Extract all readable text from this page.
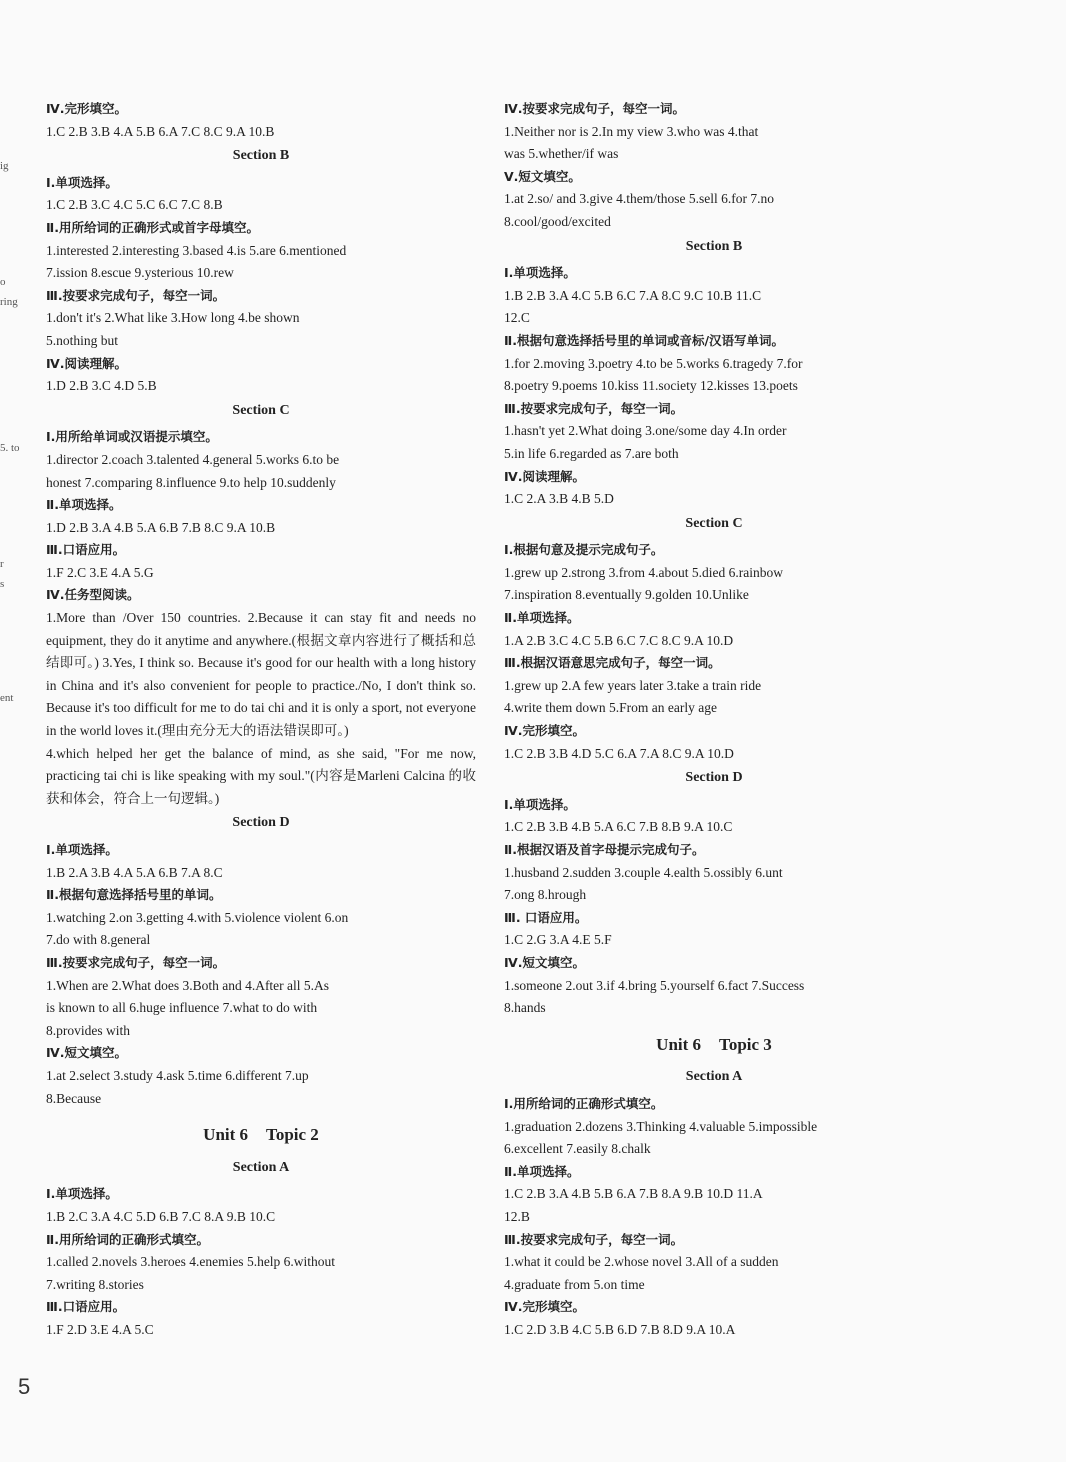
Ⅳ.完形填空。
1.C 2.B 3.B 4.A 5.B 6.A 7.C 8.C 9.A 10.B
Section B
Ⅰ.单项选择。
1.C 2.B 3.C 4.C 5.C 6.C 7.C 8.B
Ⅱ.用所给词的正确形式或首字母填空。
1.interested 2.interesting 3.based 4.is 5.are 6.mentioned
7.ission 8.escue 9.ysterious 10.rew
Ⅲ.按要求完成句子，每空一词。
1.don't it's 2.What like 3.How long 4.be shown
5.nothing but
Ⅳ.阅读理解。
1.D 2.B 3.C 4.D 5.B
Section C
Ⅰ.用所给单词或汉语提示填空。
1.director 2.coach 3.talented 4.general 5.works 6.to be
honest 7.comparing 8.influence 9.to help 10.suddenly
Ⅱ.单项选择。
1.D 2.B 3.A 4.B 5.A 6.B 7.B 8.C 9.A 10.B
Ⅲ.口语应用。
1.F 2.C 3.E 4.A 5.G
Ⅳ.任务型阅读。
1.More than /Over 150 countries. 2.Because it can stay fit and needs no equipment, they do it anytime and anywhere.(根据文章内容进行了概括和总结即可。) 3.Yes, I think so. Because it's good for our health with a long history in China and it's also convenient for people to practice./No, I don't think so. Because it's too difficult for me to do tai chi and it is only a sport, not everyone in the world loves it.(理由充分无大的语法错误即可。)
4.which helped her get the balance of mind, as she said, "For me now, practicing tai chi is like speaking with my soul."(内容是Marleni Calcina 的收获和体会，符合上一句逻辑。)
Section D
Ⅰ.单项选择。
1.B 2.A 3.B 4.A 5.A 6.B 7.A 8.C
Ⅱ.根据句意选择括号里的单词。
1.watching 2.on 3.getting 4.with 5.violence violent 6.on
7.do with 8.general
Ⅲ.按要求完成句子，每空一词。
1.When are 2.What does 3.Both and 4.After all 5.As
is known to all 6.huge influence 7.what to do with
8.provides with
Ⅳ.短文填空。
1.at 2.select 3.study 4.ask 5.time 6.different 7.up
8.Because
Unit 6 Topic 2
Section A
Ⅰ.单项选择。
1.B 2.C 3.A 4.C 5.D 6.B 7.C 8.A 9.B 10.C
Ⅱ.用所给词的正确形式填空。
1.called 2.novels 3.heroes 4.enemies 5.help 6.without
7.writing 8.stories
Ⅲ.口语应用。
1.F 2.D 3.E 4.A 5.C
Ⅳ.按要求完成句子，每空一词。
1.Neither nor is 2.In my view 3.who was 4.that
was 5.whether/if was
Ⅴ.短文填空。
1.at 2.so/ and 3.give 4.them/those 5.sell 6.for 7.no
8.cool/good/excited
Section B
Ⅰ.单项选择。
1.B 2.B 3.A 4.C 5.B 6.C 7.A 8.C 9.C 10.B 11.C
12.C
Ⅱ.根据句意选择括号里的单词或音标/汉语写单词。
1.for 2.moving 3.poetry 4.to be 5.works 6.tragedy 7.for
8.poetry 9.poems 10.kiss 11.society 12.kisses 13.poets
Ⅲ.按要求完成句子，每空一词。
1.hasn't yet 2.What doing 3.one/some day 4.In order
5.in life 6.regarded as 7.are both
Ⅳ.阅读理解。
1.C 2.A 3.B 4.B 5.D
Section C
Ⅰ.根据句意及提示完成句子。
1.grew up 2.strong 3.from 4.about 5.died 6.rainbow
7.inspiration 8.eventually 9.golden 10.Unlike
Ⅱ.单项选择。
1.A 2.B 3.C 4.C 5.B 6.C 7.C 8.C 9.A 10.D
Ⅲ.根据汉语意思完成句子，每空一词。
1.grew up 2.A few years later 3.take a train ride
4.write them down 5.From an early age
Ⅳ.完形填空。
1.C 2.B 3.B 4.D 5.C 6.A 7.A 8.C 9.A 10.D
Section D
Ⅰ.单项选择。
1.C 2.B 3.B 4.B 5.A 6.C 7.B 8.B 9.A 10.C
Ⅱ.根据汉语及首字母提示完成句子。
1.husband 2.sudden 3.couple 4.ealth 5.ossibly 6.unt
7.ong 8.hrough
Ⅲ. 口语应用。
1.C 2.G 3.A 4.E 5.F
Ⅳ.短文填空。
1.someone 2.out 3.if 4.bring 5.yourself 6.fact 7.Success
8.hands
Unit 6 Topic 3
Section A
Ⅰ.用所给词的正确形式填空。
1.graduation 2.dozens 3.Thinking 4.valuable 5.impossible
6.excellent 7.easily 8.chalk
Ⅱ.单项选择。
1.C 2.B 3.A 4.B 5.B 6.A 7.B 8.A 9.B 10.D 11.A
12.B
Ⅲ.按要求完成句子，每空一词。
1.what it could be 2.whose novel 3.All of a sudden
4.graduate from 5.on time
Ⅳ.完形填空。
1.C 2.D 3.B 4.C 5.B 6.D 7.B 8.D 9.A 10.A
5
ig
o
ring
5. to
r
s
ent
